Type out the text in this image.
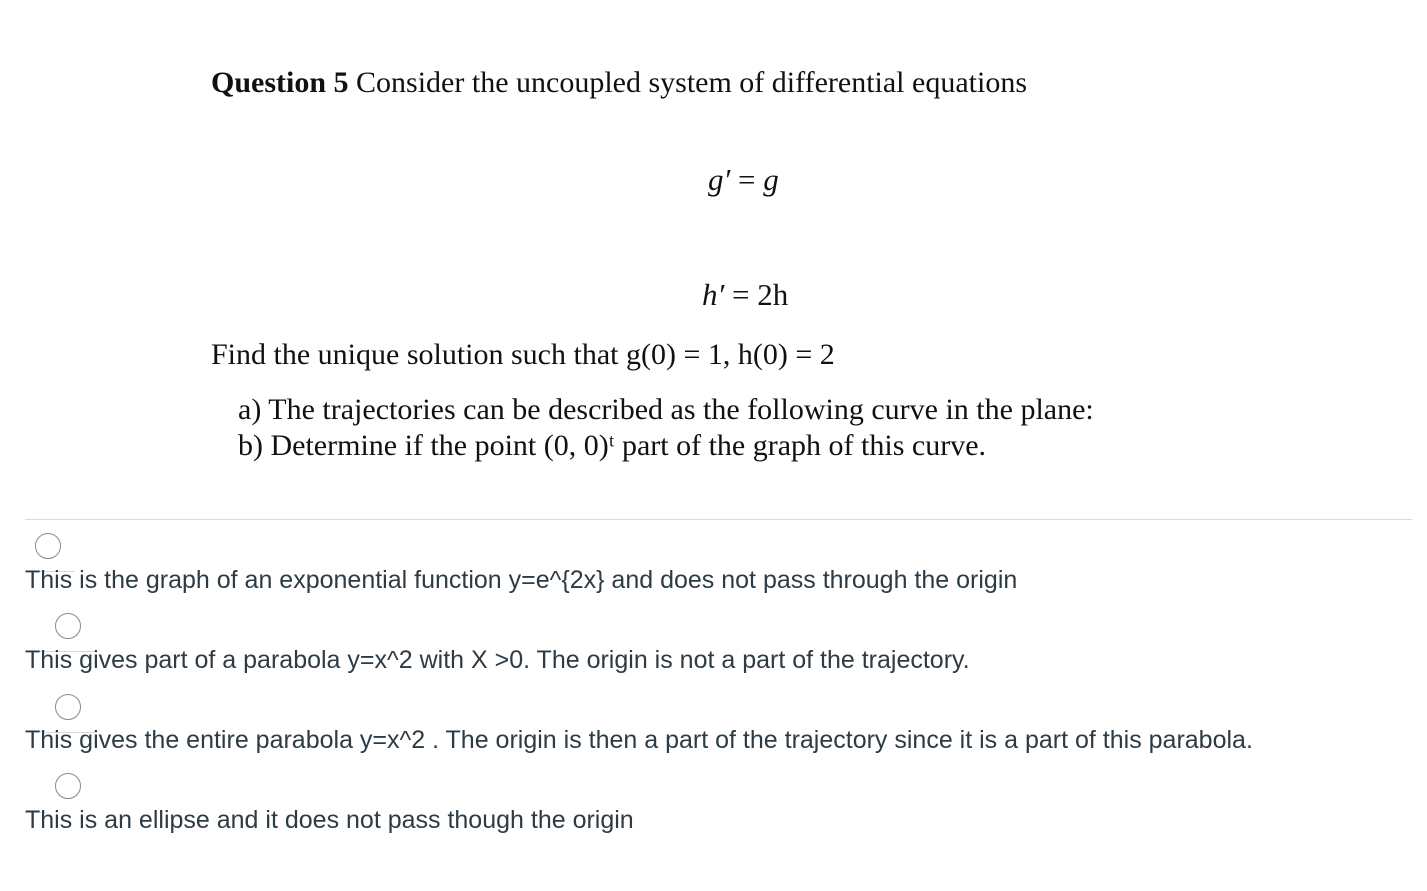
Question 5 Consider the uncoupled system of differential equations
g′ = g
h′ = 2h
Find the unique solution such that g(0) = 1, h(0) = 2
a) The trajectories can be described as the following curve in the plane:
b) Determine if the point (0, 0)ᵗ part of the graph of this curve.
This is the graph of an exponential function y=e^{2x} and does not pass through the origin
This gives part of a parabola y=x^2 with X >0. The origin is not a part of the trajectory.
This gives the entire parabola y=x^2 . The origin is then a part of the trajectory since it is a part of this parabola.
This is an ellipse and it does not pass though the origin
